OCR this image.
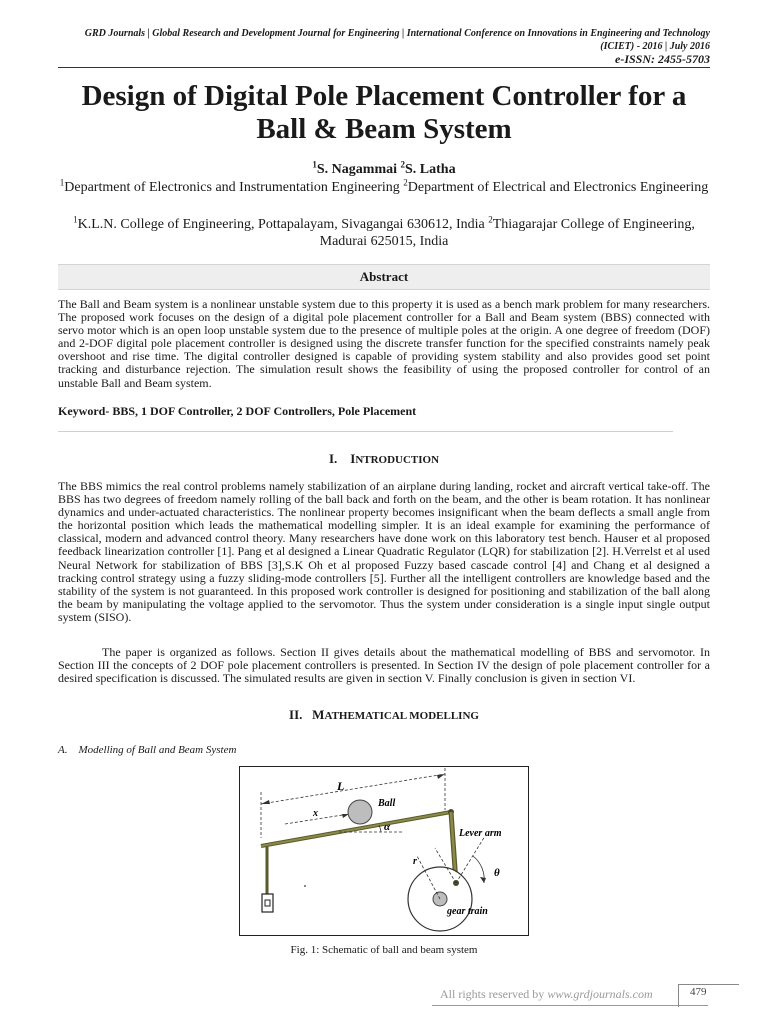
GRD Journals | Global Research and Development Journal for Engineering | International Conference on Innovations in Engineering and Technology
(ICIET) - 2016 | July 2016
e-ISSN: 2455-5703
Design of Digital Pole Placement Controller for a
Ball & Beam System
$^1$S. Nagammai $^2$S. Latha
$^1$Department of Electronics and Instrumentation Engineering $^2$Department of Electrical and Electronics Engineering
$^1$K.L.N. College of Engineering, Pottapalayam, Sivagangai 630612, India $^2$Thiagarajar College of Engineering, Madurai 625015, India
Abstract
The Ball and Beam system is a nonlinear unstable system due to this property it is used as a bench mark problem for many researchers. The proposed work focuses on the design of a digital pole placement controller for a Ball and Beam system (BBS) connected with servo motor which is an open loop unstable system due to the presence of multiple poles at the origin. A one degree of freedom (DOF) and 2-DOF digital pole placement controller is designed using the discrete transfer function for the specified constraints namely peak overshoot and rise time. The digital controller designed is capable of providing system stability and also provides good set point tracking and disturbance rejection. The simulation result shows the feasibility of using the proposed controller for control of an unstable Ball and Beam system.
Keyword- BBS, 1 DOF Controller, 2 DOF Controllers, Pole Placement
I. INTRODUCTION
The BBS mimics the real control problems namely stabilization of an airplane during landing, rocket and aircraft vertical take-off. The BBS has two degrees of freedom namely rolling of the ball back and forth on the beam, and the other is beam rotation. It has nonlinear dynamics and under-actuated characteristics. The nonlinear property becomes insignificant when the beam deflects a small angle from the horizontal position which leads the mathematical modelling simpler. It is an ideal example for examining the performance of classical, modern and advanced control theory. Many researchers have done work on this laboratory test bench. Hauser et al proposed feedback linearization controller [1]. Pang et al designed a Linear Quadratic Regulator (LQR) for stabilization [2]. H.Verrelst et al used Neural Network for stabilization of BBS [3],S.K Oh et al proposed Fuzzy based cascade control [4] and Chang et al designed a tracking control strategy using a fuzzy sliding-mode controllers [5]. Further all the intelligent controllers are knowledge based and the stability of the system is not guaranteed. In this proposed work controller is designed for positioning and stabilization of the ball along the beam by manipulating the voltage applied to the servomotor. Thus the system under consideration is a single input single output system (SISO).
The paper is organized as follows. Section II gives details about the mathematical modelling of BBS and servomotor. In Section III the concepts of 2 DOF pole placement controllers is presented. In Section IV the design of pole placement controller for a desired specification is discussed. The simulated results are given in section V. Finally conclusion is given in section VI.
II. MATHEMATICAL MODELLING
A.    Modelling of Ball and Beam System
L
x
Ball
α
Lever arm
r
θ
gear train
Fig. 1: Schematic of ball and beam system
All rights reserved by www.grdjournals.com	479
